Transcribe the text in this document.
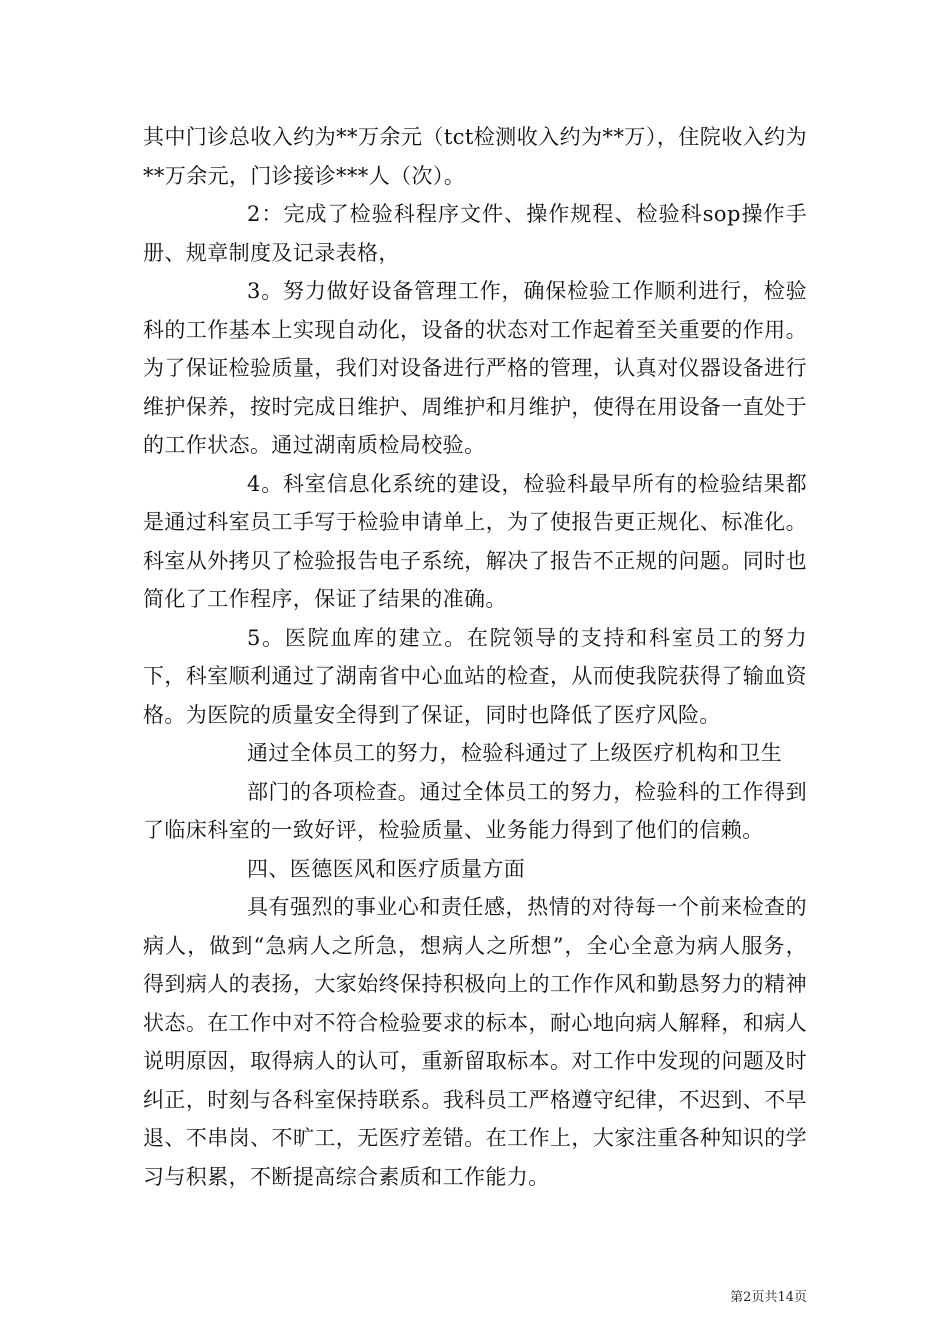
其中门诊总收入约为**万余元（tct检测收入约为**万），住院收入约为**万余元，门诊接诊***人（次）。

2：完成了检验科程序文件、操作规程、检验科sop操作手册、规章制度及记录表格，

3。努力做好设备管理工作，确保检验工作顺利进行，检验科的工作基本上实现自动化，设备的状态对工作起着至关重要的作用。为了保证检验质量，我们对设备进行严格的管理，认真对仪器设备进行维护保养，按时完成日维护、周维护和月维护，使得在用设备一直处于的工作状态。通过湖南质检局校验。

4。科室信息化系统的建设，检验科最早所有的检验结果都是通过科室员工手写于检验申请单上，为了使报告更正规化、标准化。科室从外拷贝了检验报告电子系统，解决了报告不正规的问题。同时也简化了工作程序，保证了结果的准确。

5。医院血库的建立。在院领导的支持和科室员工的努力下，科室顺利通过了湖南省中心血站的检查，从而使我院获得了输血资格。为医院的质量安全得到了保证，同时也降低了医疗风险。

通过全体员工的努力，检验科通过了上级医疗机构和卫生

部门的各项检查。通过全体员工的努力，检验科的工作得到了临床科室的一致好评，检验质量、业务能力得到了他们的信赖。

四、医德医风和医疗质量方面

具有强烈的事业心和责任感，热情的对待每一个前来检查的病人，做到“急病人之所急，想病人之所想”，全心全意为病人服务，得到病人的表扬，大家始终保持积极向上的工作作风和勤恳努力的精神状态。在工作中对不符合检验要求的标本，耐心地向病人解释，和病人说明原因，取得病人的认可，重新留取标本。对工作中发现的问题及时纠正，时刻与各科室保持联系。我科员工严格遵守纪律，不迟到、不早退、不串岗、不旷工，无医疗差错。在工作上，大家注重各种知识的学习与积累，不断提高综合素质和工作能力。

第2页共14页
